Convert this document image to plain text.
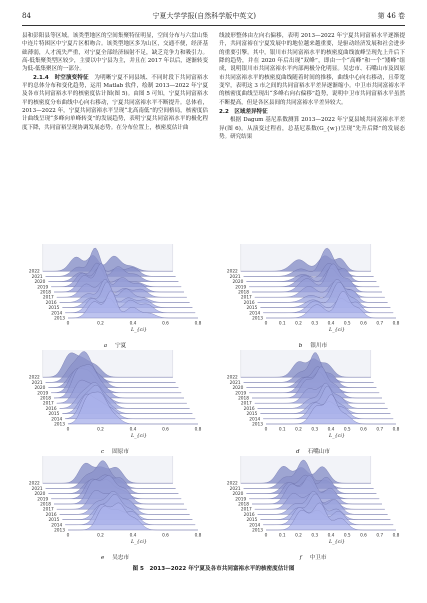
84	宁夏大学学报(自然科学版中英文)	第 46 卷

县和彭阳县等区域。该类型地区的空间集聚特征明显，空间分布与六盘山集中连片特困区中宁夏片区相吻合。该类型地区多为山区，交通不便，经济基础薄弱，人才流失严重，对宁夏全部经济辐射不足，缺乏竞争力和吸引力。高-低集聚类型区较少，主要以中宁县为主，并且在 2017 年以后，逐渐转变为低-低集聚区的一部分。

2.1.4　时空演变特征　 为明晰宁夏不同县域、不同时段下共同富裕水平的总体分布和变化趋势，运用 Matlab 软件，绘制 2013—2022 年宁夏及各市共同富裕水平的核密度估计图(图 5)。由图 5 可知，宁夏共同富裕水平的核密度分布曲线中心向右移动，宁夏共同富裕水平不断提升。总体看，2013—2022 年，宁夏共同富裕水平呈现“北高南低”的空间格局，核密度估计曲线呈现“多峰向单峰转变”的发展趋势，表明宁夏共同富裕水平的极化程度下降，共同富裕呈现协调发展态势。在分布位置上，核密度估计曲

线波形整体由左向右偏移，表明 2013—2022 年宁夏共同富裕水平逐渐提升，共同富裕在宁夏发展中的地位越来越重要，是驱动经济发展和社会进步的重要引擎。其中，银川市共同富裕水平的核密度曲线波峰呈现先上升后下降的趋势，并在 2020 年后出现“双峰”，即由一个“高峰”和一个“矮峰”组成，说明银川市共同富裕水平内部两极分化明显。吴忠市、石嘴山市及固原市共同富裕水平的核密度曲线随着时间的推移，曲线中心向右移动，且带宽变窄，表明这 3 市之间的共同富裕水平差异逐渐缩小。中卫市共同富裕水平的核密度曲线呈现出“多峰右向右偏移”趋势，说明中卫市共同富裕水平虽然不断提高，但是各区县间的共同富裕水平差异较大。

2.2　区域差异特征

根据 Dagum 基尼系数测算 2013—2022 年宁夏县域共同富裕水平差异(图 6)。从演变过程看，总基尼系数(G_{w})呈现“先升后降”的发展态势。研究结果

2013
2014
2015
2016
2017
2018
2019
2020
2021
2022
0	0.2	0.4	0.6	0.8
L_{ci}
a 宁夏
2013
2014
2015
2016
2017
2018
2019
2020
2021
2022
0	0.1 0.2 0.3 0.4 0.5 0.6 0.7 0.8
L_{ci}
b 银川市
2013
2014
2015
2016
2017
2018
2019
2020
2021
2022
0	0.2	0.4	0.6	0.8
L_{ci}
c 固原市
2013
2014
2015
2016
2017
2018
2019
2020
2021
2022
0	0.1 0.2 0.3 0.4 0.5 0.6 0.7 0.8
L_{ci}
d 石嘴山市
2013
2014
2015
2016
2017
2018
2019
2020
2021
2022
0	0.2	0.4	0.6	0.8
L_{ci}
e 吴忠市
2013
2014
2015
2016
2017
2018
2019
2020
2021
2022
0	0.1 0.2 0.3 0.4 0.5 0.6 0.7 0.8
L_{ci}
f 中卫市
图 5　2013—2022 年宁夏及各市共同富裕水平的核密度估计图
